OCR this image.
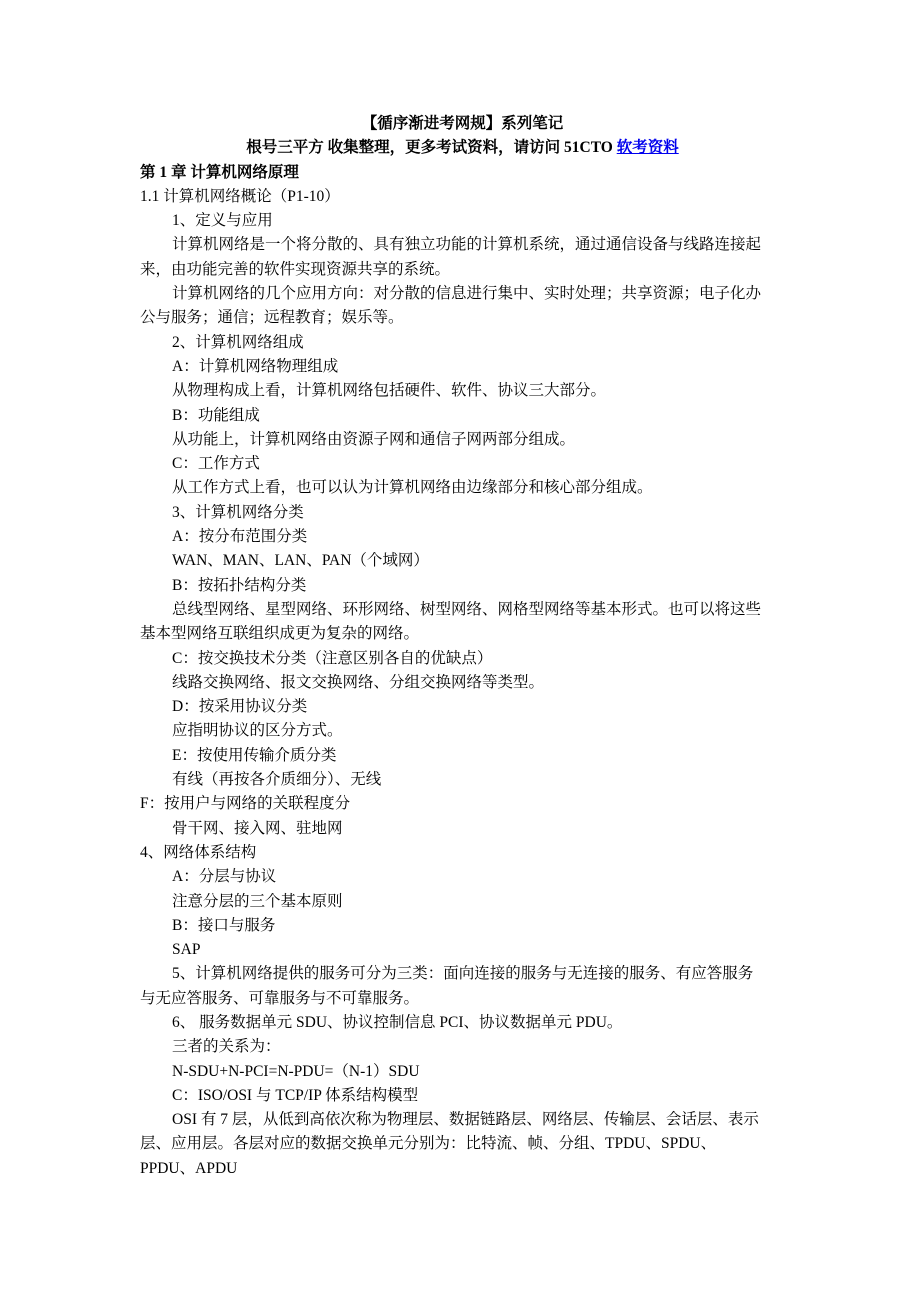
【循序渐进考网规】系列笔记
根号三平方 收集整理，更多考试资料，请访问 51CTO 软考资料
第 1 章 计算机网络原理
1.1 计算机网络概论（P1-10）
1、定义与应用
计算机网络是一个将分散的、具有独立功能的计算机系统，通过通信设备与线路连接起
来，由功能完善的软件实现资源共享的系统。
计算机网络的几个应用方向：对分散的信息进行集中、实时处理；共享资源；电子化办
公与服务；通信；远程教育；娱乐等。
2、计算机网络组成
A：计算机网络物理组成
从物理构成上看，计算机网络包括硬件、软件、协议三大部分。
B：功能组成
从功能上，计算机网络由资源子网和通信子网两部分组成。
C：工作方式
从工作方式上看，也可以认为计算机网络由边缘部分和核心部分组成。
3、计算机网络分类
A：按分布范围分类
WAN、MAN、LAN、PAN（个域网）
B：按拓扑结构分类
总线型网络、星型网络、环形网络、树型网络、网格型网络等基本形式。也可以将这些
基本型网络互联组织成更为复杂的网络。
C：按交换技术分类（注意区别各自的优缺点）
线路交换网络、报文交换网络、分组交换网络等类型。
D：按采用协议分类
应指明协议的区分方式。
E：按使用传输介质分类
有线（再按各介质细分）、无线
F：按用户与网络的关联程度分
骨干网、接入网、驻地网
4、网络体系结构
A：分层与协议
注意分层的三个基本原则
B：接口与服务
SAP
5、计算机网络提供的服务可分为三类：面向连接的服务与无连接的服务、有应答服务
与无应答服务、可靠服务与不可靠服务。
6、 服务数据单元 SDU、协议控制信息 PCI、协议数据单元 PDU。
三者的关系为：
N-SDU+N-PCI=N-PDU=（N-1）SDU
C：ISO/OSI 与 TCP/IP 体系结构模型
OSI 有 7 层，从低到高依次称为物理层、数据链路层、网络层、传输层、会话层、表示
层、应用层。各层对应的数据交换单元分别为：比特流、帧、分组、TPDU、SPDU、
PPDU、APDU
